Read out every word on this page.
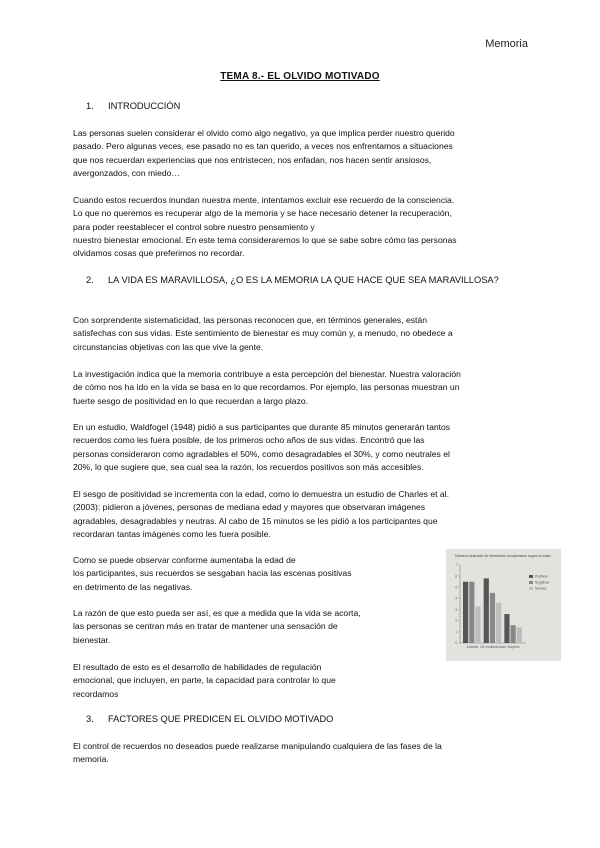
Memoria
TEMA 8.- EL OLVIDO MOTIVADO
1. INTRODUCCIÓN

Las personas suelen considerar el olvido como algo negativo, ya que implica perder nuestro querido

pasado. Pero algunas veces, ese pasado no es tan querido, a veces nos enfrentamos a situaciones

que nos recuerdan experiencias que nos entristecen, nos enfadan, nos hacen sentir ansiosos,

avergonzados, con miedo…

Cuando estos recuerdos inundan nuestra mente, intentamos excluir ese recuerdo de la consciencia.

Lo que no queremos es recuperar algo de la memoria y se hace necesario detener la recuperación,

para poder reestablecer el control sobre nuestro pensamiento y

nuestro bienestar emocional. En este tema consideraremos lo que se sabe sobre cómo las personas

olvidamos cosas que preferimos no recordar.

2. LA VIDA ES MARAVILLOSA, ¿O ES LA MEMORIA LA QUE HACE QUE SEA MARAVILLOSA?

Con sorprendente sistematicidad, las personas reconocen que, en términos generales, están

satisfechas con sus vidas. Este sentimiento de bienestar es muy común y, a menudo, no obedece a

circunstancias objetivas con las que vive la gente.

La investigación indica que la memoria contribuye a esta percepción del bienestar. Nuestra valoración

de cómo nos ha ido en la vida se basa en lo que recordamos. Por ejemplo, las personas muestran un

fuerte sesgo de positividad en lo que recuerdan a largo plazo.

En un estudio, Waldfogel (1948) pidió a sus participantes que durante 85 minutos generarán tantos

recuerdos como les fuera posible, de los primeros ocho años de sus vidas. Encontró que las

personas consideraron como agradables el 50%, como desagradables el 30%, y como neutrales el

20%, lo que sugiere que, sea cual sea la razón, los recuerdos positivos son más accesibles.

El sesgo de positividad se incrementa con la edad, como lo demuestra un estudio de Charles et al.

(2003): pidieron a jóvenes, personas de mediana edad y mayores que observaran imágenes

agradables, desagradables y neutras. Al cabo de 15 minutos se les pidió a los participantes que

recordaran tantas imágenes como les fuera posible.

Como se puede observar conforme aumentaba la edad de

los participantes, sus recuerdos se sesgaban hacia las escenas positivas

en detrimento de las negativas.

La razón de que esto pueda ser así, es que a medida que la vida se acorta,

las personas se centran más en tratar de mantener una sensación de

bienestar.

El resultado de esto es el desarrollo de habilidades de regulación

emocional, que incluyen, en parte, la capacidad para controlar lo que

recordamos

Número estimado de elementos recuperados según la edad
0
1
2
3
4
5
6
7
Jóvenes De mediana edad Mayores
Positivas
Negativas
Neutras
3. FACTORES QUE PREDICEN EL OLVIDO MOTIVADO

El control de recuerdos no deseados puede realizarse manipulando cualquiera de las fases de la

memoria.
